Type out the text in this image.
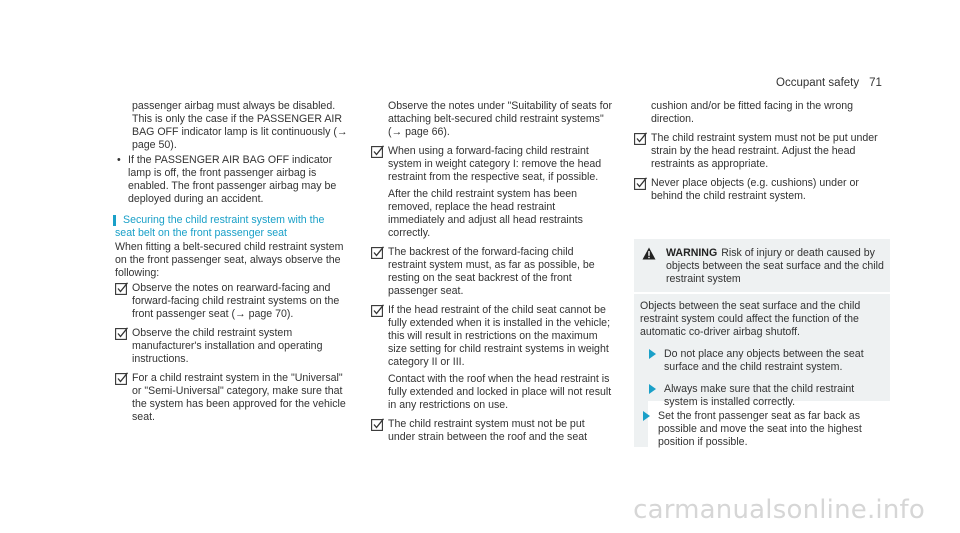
Occupant safety 71

passenger airbag must always be disabled. This is only the case if the PASSENGER AIR BAG OFF indicator lamp is lit continuously (→ page 50).

• If the PASSENGER AIR BAG OFF indicator lamp is off, the front passenger airbag is enabled. The front passenger airbag may be deployed during an accident.
Securing the child restraint system with the
seat belt on the front passenger seat

When fitting a belt-secured child restraint system on the front passenger seat, always observe the following:

Observe the notes on rearward-facing and forward-facing child restraint systems on the front passenger seat (→ page 70).
Observe the child restraint system manufacturer's installation and operating instructions.
For a child restraint system in the "Universal" or "Semi-Universal" category, make sure that the system has been approved for the vehicle seat.

Observe the notes under "Suitability of seats for attaching belt-secured child restraint systems" (→ page 66).

When using a forward-facing child restraint system in weight category I: remove the head restraint from the respective seat, if possible.

After the child restraint system has been removed, replace the head restraint immediately and adjust all head restraints correctly.

The backrest of the forward-facing child restraint system must, as far as possible, be resting on the seat backrest of the front passenger seat.
If the head restraint of the child seat cannot be fully extended when it is installed in the vehicle; this will result in restrictions on the maximum size setting for child restraint systems in weight category II or III.

Contact with the roof when the head restraint is fully extended and locked in place will not result in any restrictions on use.

The child restraint system must not be put under strain between the roof and the seat

cushion and/or be fitted facing in the wrong direction.

The child restraint system must not be put under strain by the head restraint. Adjust the head restraints as appropriate.
Never place objects (e.g. cushions) under or behind the child restraint system.
WARNING Risk of injury or death caused by objects between the seat surface and the child restraint system

Objects between the seat surface and the child restraint system could affect the function of the automatic co-driver airbag shutoff.

Do not place any objects between the seat surface and the child restraint system.
Always make sure that the child restraint system is installed correctly.
Set the front passenger seat as far back as possible and move the seat into the highest position if possible.
carmanualsonline.info
